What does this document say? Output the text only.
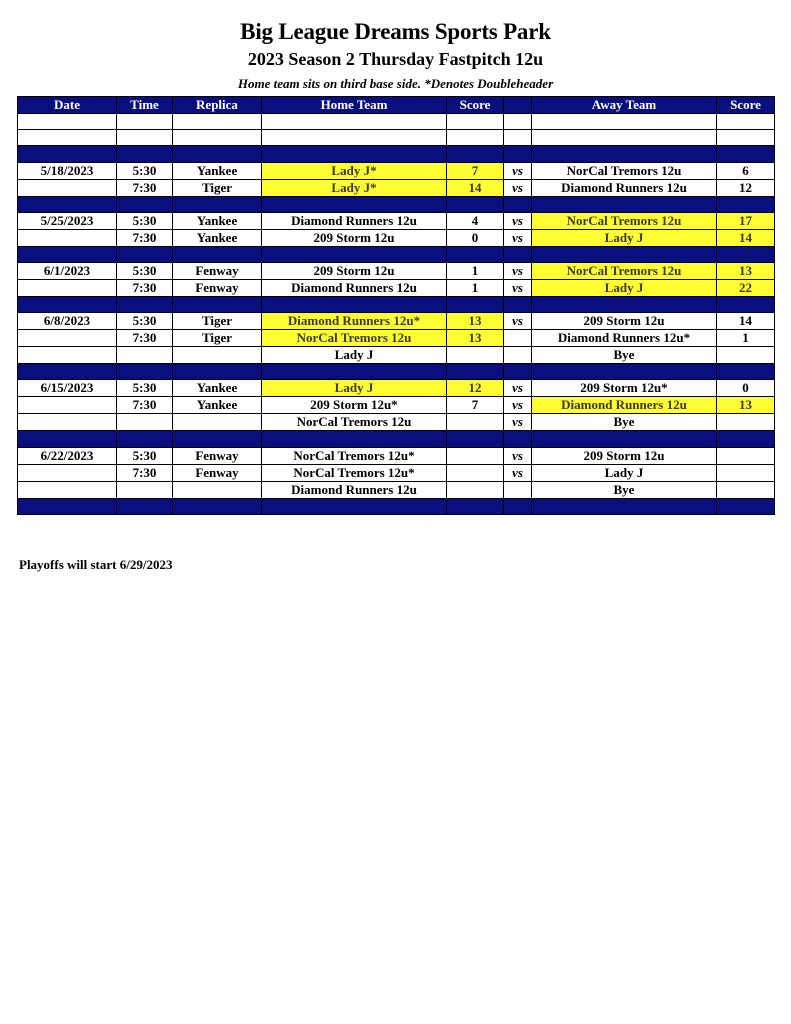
Big League Dreams Sports Park
2023 Season 2 Thursday Fastpitch 12u
Home team sits on third base side. *Denotes Doubleheader
Date	Time	Replica	Home Team	Score		Away Team	Score

5/18/2023	5:30	Yankee	Lady J*	7	vs	NorCal Tremors 12u	6
	7:30	Tiger	Lady J*	14	vs	Diamond Runners 12u	12

5/25/2023	5:30	Yankee	Diamond Runners 12u	4	vs	NorCal Tremors 12u	17
	7:30	Yankee	209 Storm 12u	0	vs	Lady J	14

6/1/2023	5:30	Fenway	209 Storm 12u	1	vs	NorCal Tremors 12u	13
	7:30	Fenway	Diamond Runners 12u	1	vs	Lady J	22

6/8/2023	5:30	Tiger	Diamond Runners 12u*	13	vs	209 Storm 12u	14
	7:30	Tiger	NorCal Tremors 12u	13		Diamond Runners 12u*	1
			Lady J			Bye	

6/15/2023	5:30	Yankee	Lady J	12	vs	209 Storm 12u*	0
	7:30	Yankee	209 Storm 12u*	7	vs	Diamond Runners 12u	13
			NorCal Tremors 12u		vs	Bye	

6/22/2023	5:30	Fenway	NorCal Tremors 12u*		vs	209 Storm 12u	
	7:30	Fenway	NorCal Tremors 12u*		vs	Lady J	
			Diamond Runners 12u			Bye	

Playoffs will start 6/29/2023
